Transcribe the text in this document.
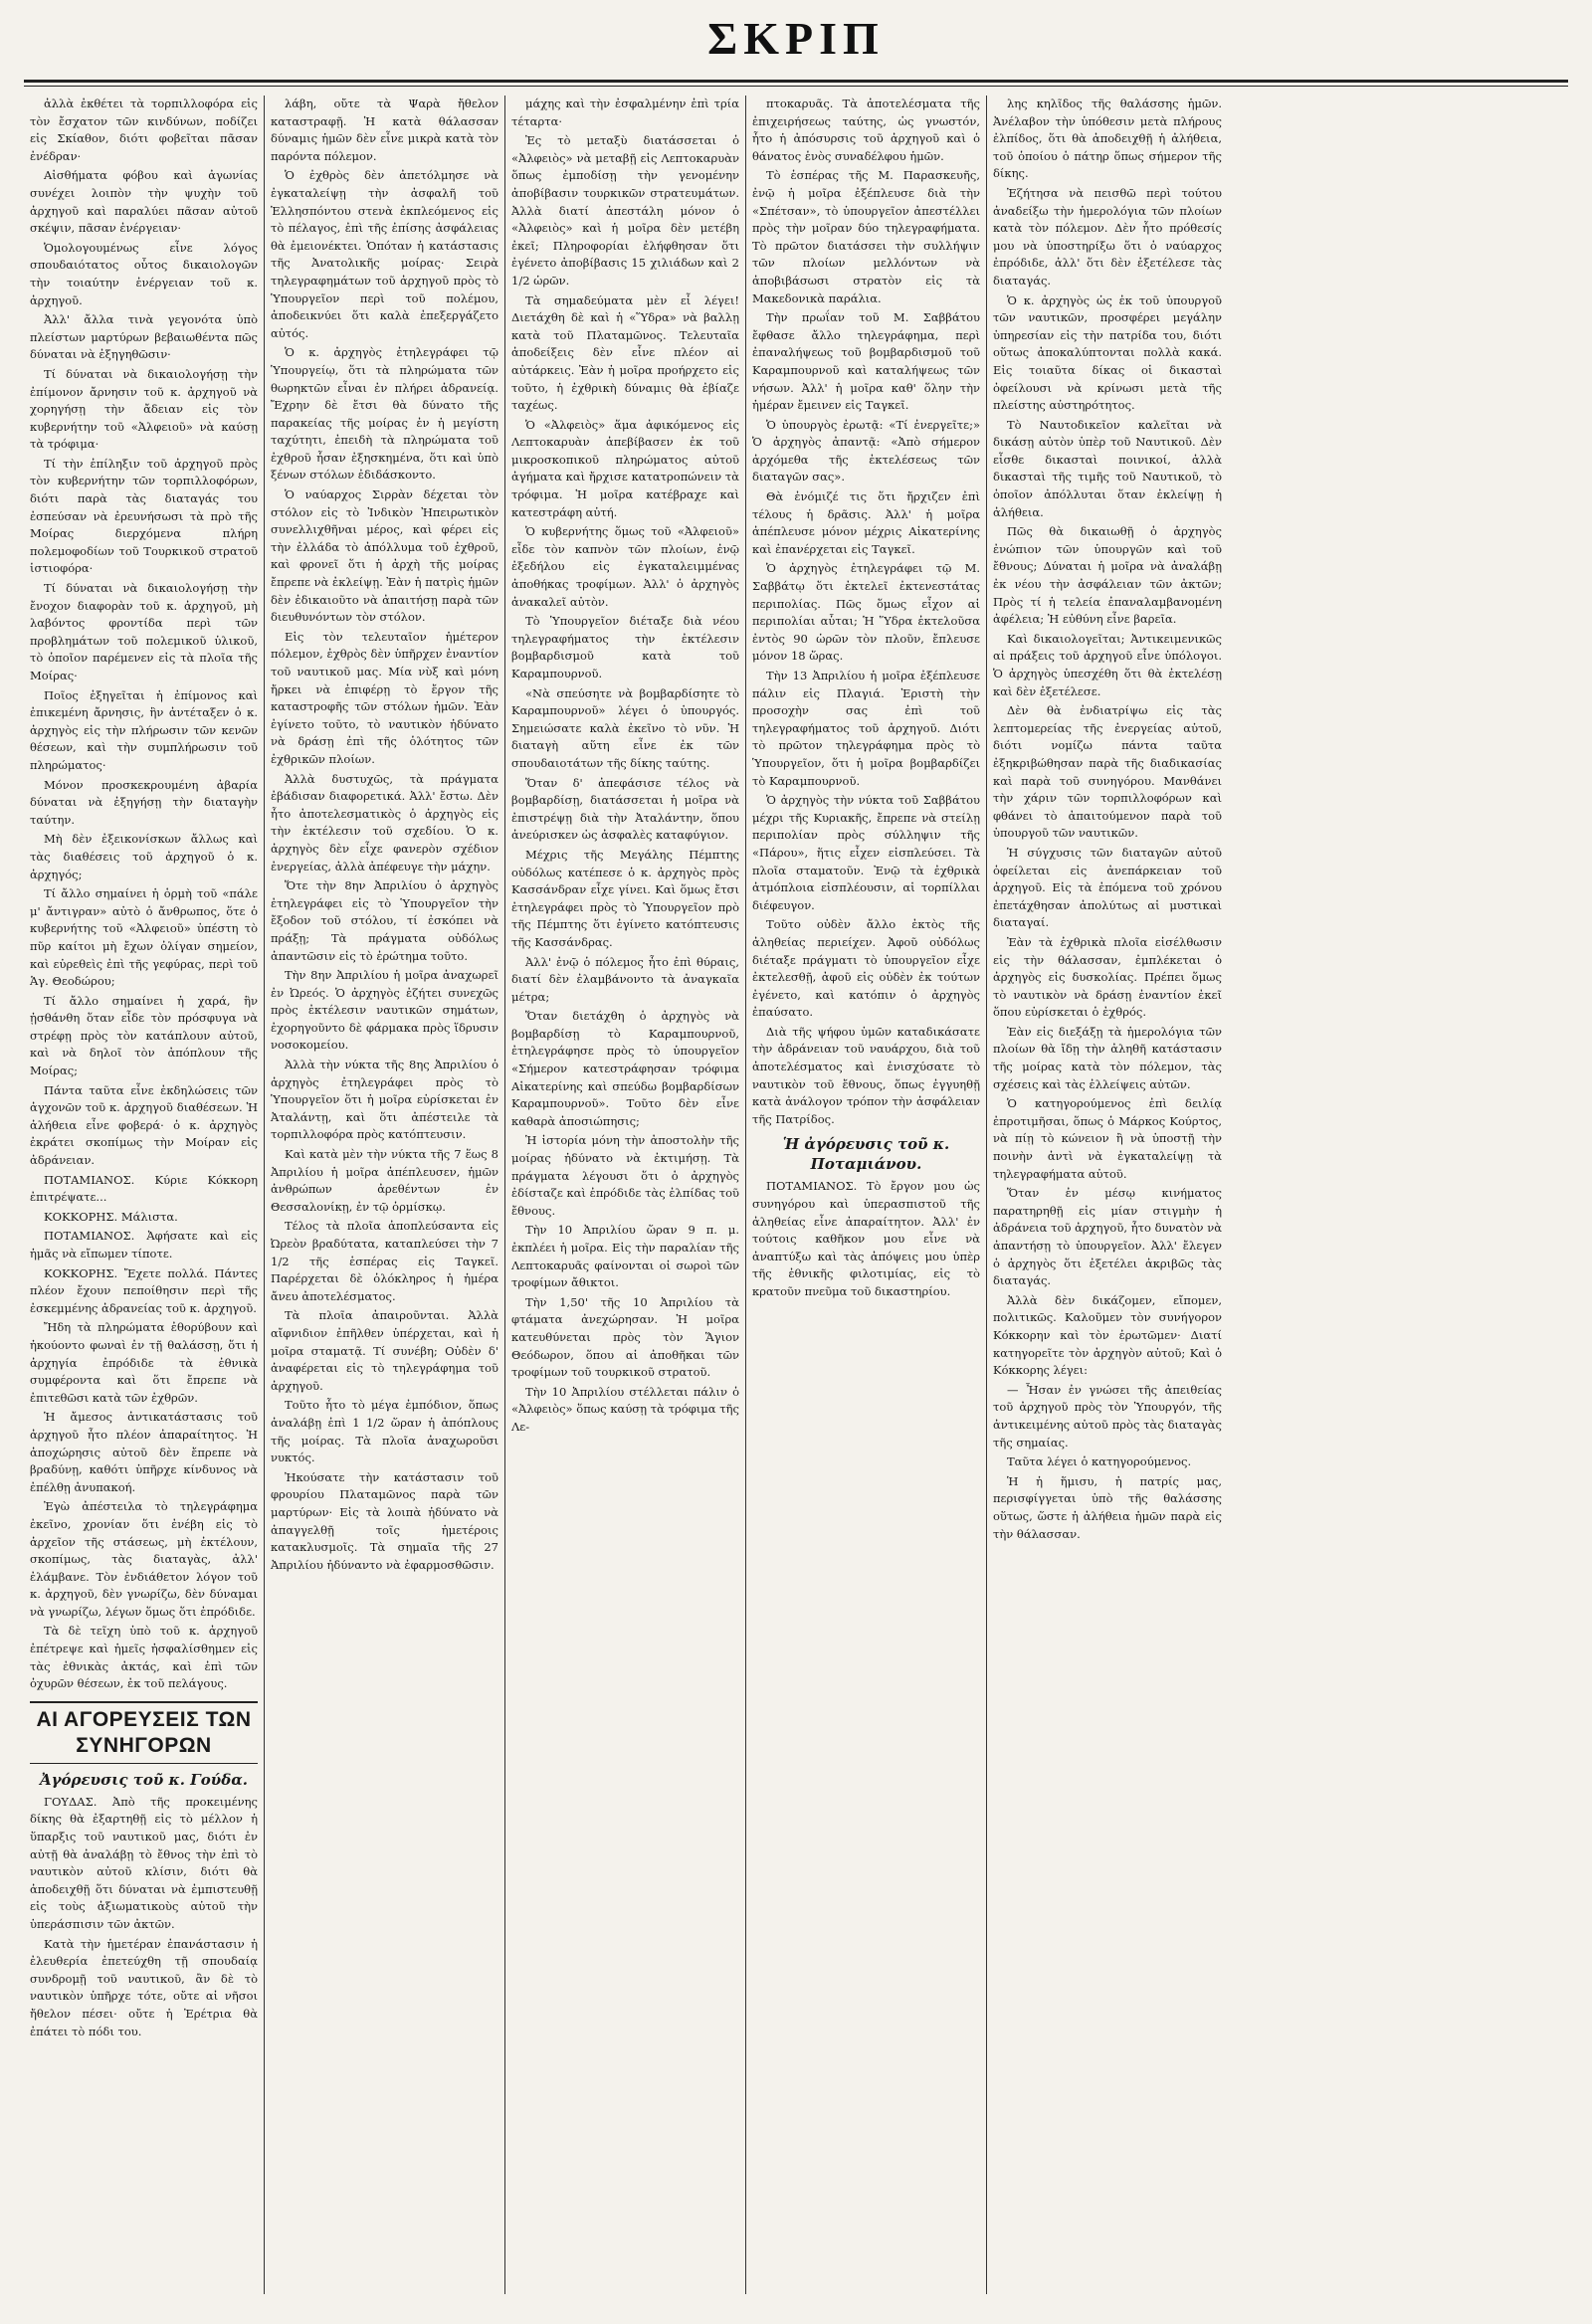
ΣΚΡΙΠ

ἀλλὰ ἐκθέτει τὰ τορπιλλοφόρα εἰς τὸν ἔσχατον τῶν κινδύνων, ποδίζει εἰς Σκίαθον, διότι φοβεῖται πᾶσαν ἐνέδραν·

Αἰσθήματα φόβου καὶ ἀγωνίας συνέχει λοιπὸν τὴν ψυχὴν τοῦ ἀρχηγοῦ καὶ παραλύει πᾶσαν αὐτοῦ σκέψιν, πᾶσαν ἐνέργειαν·

Ὁμολογουμένως εἶνε λόγος σπουδαιότατος οὗτος δικαιολογῶν τὴν τοιαύτην ἐνέργειαν τοῦ κ. ἀρχηγοῦ.

Ἀλλ' ἄλλα τινὰ γεγονότα ὑπὸ πλείστων μαρτύρων βεβαιωθέντα πῶς δύναται νὰ ἐξηγηθῶσιν·

Τί δύναται νὰ δικαιολογήσῃ τὴν ἐπίμονον ἄρνησιν τοῦ κ. ἀρχηγοῦ νὰ χορηγήσῃ τὴν ἄδειαν εἰς τὸν κυβερνήτην τοῦ «Ἀλφειοῦ» νὰ καύσῃ τὰ τρόφιμα·

Τί τὴν ἐπίληξιν τοῦ ἀρχηγοῦ πρὸς τὸν κυβερνήτην τῶν τορπιλλοφόρων, διότι παρὰ τὰς διαταγάς του ἐσπεύσαν νὰ ἐρευνήσωσι τὰ πρὸ τῆς Μοίρας διερχόμενα πλήρη πολεμοφοδίων τοῦ Τουρκικοῦ στρατοῦ ἱστιοφόρα·

Τί δύναται νὰ δικαιολογήσῃ τὴν ἔνοχον διαφορὰν τοῦ κ. ἀρχηγοῦ, μὴ λαβόντος φροντίδα περὶ τῶν προβλημάτων τοῦ πολεμικοῦ ὑλικοῦ, τὸ ὁποῖον παρέμενεν εἰς τὰ πλοῖα τῆς Μοίρας·

Ποῖος ἐξηγεῖται ἡ ἐπίμονος καὶ ἐπικεμένη ἄρνησις, ἣν ἀντέταξεν ὁ κ. ἀρχηγὸς εἰς τὴν πλήρωσιν τῶν κενῶν θέσεων, καὶ τὴν συμπλήρωσιν τοῦ πληρώματος·

Μόνον προσκεκρουμένη ἀβαρία δύναται νὰ ἐξηγήσῃ τὴν διαταγὴν ταύτην.

Μὴ δὲν ἐξεικονίσκων ἄλλως καὶ τὰς διαθέσεις τοῦ ἀρχηγοῦ ὁ κ. ἀρχηγός;

Τί ἄλλο σημαίνει ἡ ὁρμὴ τοῦ «πάλε μ' ἄντιγραν» αὐτὸ ὁ ἄνθρωπος, ὅτε ὁ κυβερνήτης τοῦ «Ἀλφειοῦ» ὑπέστη τὸ πῦρ καίτοι μὴ ἔχων ὀλίγαν σημείον, καὶ εὐρεθεὶς ἐπὶ τῆς γεφύρας, περὶ τοῦ Ἁγ. Θεοδώρου;

Τί ἄλλο σημαίνει ἡ χαρά, ἣν ᾐσθάνθη ὅταν εἶδε τὸν πρόσφυγα νὰ στρέφῃ πρὸς τὸν κατάπλουν αὐτοῦ, καὶ νὰ δηλοῖ τὸν ἀπόπλουν τῆς Μοίρας;

Πάντα ταῦτα εἶνε ἐκδηλώσεις τῶν ἀγχονῶν τοῦ κ. ἀρχηγοῦ διαθέσεων. Ἡ ἀλήθεια εἶνε φοβερά· ὁ κ. ἀρχηγὸς ἐκράτει σκοπίμως τὴν Μοίραν εἰς ἀδράνειαν.

ΠΟΤΑΜΙΑΝΟΣ. Κύριε Κόκκορη ἐπιτρέψατε...

ΚΟΚΚΟΡΗΣ. Μάλιστα.

ΠΟΤΑΜΙΑΝΟΣ. Ἀφήσατε καὶ εἰς ἡμᾶς νὰ εἴπωμεν τίποτε.

ΚΟΚΚΟΡΗΣ. Ἔχετε πολλά. Πάντες πλέον ἔχουν πεποίθησιν περὶ τῆς ἐσκεμμένης ἀδρανείας τοῦ κ. ἀρχηγοῦ.

Ἤδη τὰ πληρώματα ἐθορύβουν καὶ ἠκούοντο φωναὶ ἐν τῇ θαλάσσῃ, ὅτι ἡ ἀρχηγία ἐπρόδιδε τὰ ἐθνικὰ συμφέροντα καὶ ὅτι ἔπρεπε νὰ ἐπιτεθῶσι κατὰ τῶν ἐχθρῶν.

Ἡ ἄμεσος ἀντικατάστασις τοῦ ἀρχηγοῦ ἦτο πλέον ἀπαραίτητος. Ἡ ἀποχώρησις αὐτοῦ δὲν ἔπρεπε νὰ βραδύνῃ, καθότι ὑπῆρχε κίνδυνος νὰ ἐπέλθῃ ἀνυπακοή.

Ἐγὼ ἀπέστειλα τὸ τηλεγράφημα ἐκεῖνο, χρονίαν ὅτι ἐνέβη εἰς τὸ ἀρχεῖον τῆς στάσεως, μὴ ἐκτέλουν, σκοπίμως, τὰς διαταγὰς, ἀλλ' ἐλάμβανε. Τὸν ἐνδιάθετον λόγον τοῦ κ. ἀρχηγοῦ, δὲν γνωρίζω, δὲν δύναμαι νὰ γνωρίζω, λέγων ὅμως ὅτι ἐπρόδιδε.

Τὰ δὲ τεῖχη ὑπὸ τοῦ κ. ἀρχηγοῦ ἐπέτρεψε καὶ ἡμεῖς ἠσφαλίσθημεν εἰς τὰς ἐθνικὰς ἀκτάς, καὶ ἐπὶ τῶν ὀχυρῶν θέσεων, ἐκ τοῦ πελάγους.

ΑΙ ΑΓΟΡΕΥΣΕΙΣ ΤΩΝ ΣΥΝΗΓΟΡΩΝ
Ἀγόρευσις τοῦ κ. Γούδα.

ΓΟΥΔΑΣ. Ἀπὸ τῆς προκειμένης δίκης θὰ ἐξαρτηθῇ εἰς τὸ μέλλον ἡ ὕπαρξις τοῦ ναυτικοῦ μας, διότι ἐν αὐτῇ θὰ ἀναλάβῃ τὸ ἔθνος τὴν ἐπὶ τὸ ναυτικὸν αὐτοῦ κλίσιν, διότι θὰ ἀποδειχθῇ ὅτι δύναται νὰ ἐμπιστευθῇ εἰς τοὺς ἀξιωματικοὺς αὐτοῦ τὴν ὑπεράσπισιν τῶν ἀκτῶν.

Κατὰ τὴν ἡμετέραν ἐπανάστασιν ἡ ἐλευθερία ἐπετεύχθη τῇ σπουδαίᾳ συνδρομῇ τοῦ ναυτικοῦ, ἂν δὲ τὸ ναυτικὸν ὑπῆρχε τότε, οὔτε αἱ νῆσοι ἤθελον πέσει· οὔτε ἡ Ἐρέτρια θὰ ἐπάτει τὸ πόδι του.

λάβη, οὔτε τὰ Ψαρὰ ἤθελον καταστραφῇ. Ἡ κατὰ θάλασσαν δύναμις ἡμῶν δὲν εἶνε μικρὰ κατὰ τὸν παρόντα πόλεμον.

Ὁ ἐχθρὸς δὲν ἀπετόλμησε νὰ ἐγκαταλείψῃ τὴν ἀσφαλῆ τοῦ Ἑλλησπόντου στενὰ ἐκπλεόμενος εἰς τὸ πέλαγος, ἐπὶ τῆς ἐπίσης ἀσφάλειας θὰ ἐμειονέκτει. Ὁπόταν ἡ κατάστασις τῆς Ἀνατολικῆς μοίρας· Σειρὰ τηλεγραφημάτων τοῦ ἀρχηγοῦ πρὸς τὸ Ὑπουργεῖον περὶ τοῦ πολέμου, ἀποδεικνύει ὅτι καλὰ ἐπεξεργάζετο αὐτός.

Ὁ κ. ἀρχηγὸς ἐτηλεγράφει τῷ Ὑπουργείῳ, ὅτι τὰ πληρώματα τῶν θωρηκτῶν εἶναι ἐν πλήρει ἀδρανείᾳ. Ἔχρην δὲ ἔτσι θὰ δύνατο τῆς παρακείας τῆς μοίρας ἐν ἡ μεγίστη ταχύτητι, ἐπειδὴ τὰ πληρώματα τοῦ ἐχθροῦ ἦσαν ἐξησκημένα, ὅτι καὶ ὑπὸ ξένων στόλων ἐδιδάσκοντο.

Ὁ ναύαρχος Σιρρὰν δέχεται τὸν στόλον εἰς τὸ Ἰνδικὸν Ἠπειρωτικὸν συνελλιχθῆναι μέρος, καὶ φέρει εἰς τὴν ἐλλάδα τὸ ἀπόλλυμα τοῦ ἐχθροῦ, καὶ φρονεῖ ὅτι ἡ ἀρχὴ τῆς μοίρας ἔπρεπε νὰ ἐκλείψῃ. Ἐὰν ἡ πατρὶς ἡμῶν δὲν ἐδικαιοῦτο νὰ ἀπαιτήσῃ παρὰ τῶν διευθυνόντων τὸν στόλον.

Εἰς τὸν τελευταῖον ἡμέτερον πόλεμον, ἐχθρὸς δὲν ὑπῆρχεν ἐναντίον τοῦ ναυτικοῦ μας. Μία νὺξ καὶ μόνη ἤρκει νὰ ἐπιφέρῃ τὸ ἔργον τῆς καταστροφῆς τῶν στόλων ἡμῶν. Ἐὰν ἐγίνετο τοῦτο, τὸ ναυτικὸν ἠδύνατο νὰ δράσῃ ἐπὶ τῆς ὁλότητος τῶν ἐχθρικῶν πλοίων.

Ἀλλὰ δυστυχῶς, τὰ πράγματα ἐβάδισαν διαφορετικά. Ἀλλ' ἔστω. Δὲν ἦτο ἀποτελεσματικὸς ὁ ἀρχηγὸς εἰς τὴν ἐκτέλεσιν τοῦ σχεδίου. Ὁ κ. ἀρχηγὸς δὲν εἶχε φανερὸν σχέδιον ἐνεργείας, ἀλλὰ ἀπέφευγε τὴν μάχην.

Ὅτε τὴν 8ην Ἀπριλίου ὁ ἀρχηγὸς ἐτηλεγράφει εἰς τὸ Ὑπουργεῖον τὴν ἔξοδον τοῦ στόλου, τί ἐσκόπει νὰ πράξῃ; Τὰ πράγματα οὐδόλως ἀπαντῶσιν εἰς τὸ ἐρώτημα τοῦτο.

Τὴν 8ην Ἀπριλίου ἡ μοῖρα ἀναχωρεῖ ἐν Ὠρεός. Ὁ ἀρχηγὸς ἐζήτει συνεχῶς πρὸς ἐκτέλεσιν ναυτικῶν σημάτων, ἐχορηγοῦντο δὲ φάρμακα πρὸς ἵδρυσιν νοσοκομείου.

Ἀλλὰ τὴν νύκτα τῆς 8ης Ἀπριλίου ὁ ἀρχηγὸς ἐτηλεγράφει πρὸς τὸ Ὑπουργεῖον ὅτι ἡ μοῖρα εὑρίσκεται ἐν Ἀταλάντῃ, καὶ ὅτι ἀπέστειλε τὰ τορπιλλοφόρα πρὸς κατόπτευσιν.

Καὶ κατὰ μὲν τὴν νύκτα τῆς 7 ἕως 8 Ἀπριλίου ἡ μοῖρα ἀπέπλευσεν, ἡμῶν ἀνθρώπων ἀρεθέντων ἐν Θεσσαλονίκῃ, ἐν τῷ ὁρμίσκῳ.

Τέλος τὰ πλοῖα ἀποπλεύσαντα εἰς Ὠρεὸν βραδύτατα, καταπλεύσει τὴν 7 1/2 τῆς ἑσπέρας εἰς Ταγκεῖ. Παρέρχεται δὲ ὁλόκληρος ἡ ἡμέρα ἄνευ ἀποτελέσματος.

Τὰ πλοῖα ἀπαιροῦνται. Ἀλλὰ αἴφνιδιον ἐπῆλθεν ὑπέρχεται, καὶ ἡ μοῖρα σταματᾷ. Τί συνέβη; Οὐδὲν δ' ἀναφέρεται εἰς τὸ τηλεγράφημα τοῦ ἀρχηγοῦ.

Τοῦτο ἦτο τὸ μέγα ἐμπόδιον, ὅπως ἀναλάβῃ ἐπὶ 1 1/2 ὥραν ἡ ἀπόπλους τῆς μοίρας. Τὰ πλοῖα ἀναχωροῦσι νυκτός.

Ἠκούσατε τὴν κατάστασιν τοῦ φρουρίου Πλαταμῶνος παρὰ τῶν μαρτύρων· Εἰς τὰ λοιπὰ ἠδύνατο νὰ ἀπαγγελθῇ τοῖς ἡμετέροις κατακλυσμοῖς. Τὰ σημαῖα τῆς 27 Ἀπριλίου ἠδύναντο νὰ ἐφαρμοσθῶσιν.

μάχης καὶ τὴν ἐσφαλμένην ἐπὶ τρία τέταρτα·

Ἐς τὸ μεταξὺ διατάσσεται ὁ «Ἀλφειὸς» νὰ μεταβῇ εἰς Λεπτοκαρυὰν ὅπως ἐμποδίσῃ τὴν γενομένην ἀποβίβασιν τουρκικῶν στρατευμάτων. Ἀλλὰ διατί ἀπεστάλη μόνον ὁ «Ἀλφειὸς» καὶ ἡ μοῖρα δὲν μετέβη ἐκεῖ; Πληροφορίαι ἐλήφθησαν ὅτι ἐγένετο ἀποβίβασις 15 χιλιάδων καὶ 2 1/2 ὡρῶν.

Τὰ σημαδεύματα μὲν εἶ λέγει! Διετάχθη δὲ καὶ ἡ «Ὕδρα» νὰ βαλλῃ κατὰ τοῦ Πλαταμῶνος. Τελευταῖα ἀποδείξεις δὲν εἶνε πλέον αἱ αὐτάρκεις. Ἐὰν ἡ μοῖρα προήρχετο εἰς τοῦτο, ἡ ἐχθρικὴ δύναμις θὰ ἐβίαζε ταχέως.

Ὁ «Ἀλφειὸς» ἅμα ἀφικόμενος εἰς Λεπτοκαρυὰν ἀπεβίβασεν ἐκ τοῦ μικροσκοπικοῦ πληρώματος αὐτοῦ ἀγήματα καὶ ἤρχισε κατατροπώνειν τὰ τρόφιμα. Ἡ μοῖρα κατέβραχε καὶ κατεστράφη αὐτή.

Ὁ κυβερνήτης ὅμως τοῦ «Ἀλφειοῦ» εἶδε τὸν καπνὸν τῶν πλοίων, ἐνῷ ἐξεδήλου εἰς ἐγκαταλειμμένας ἀποθήκας τροφίμων. Ἀλλ' ὁ ἀρχηγὸς ἀνακαλεῖ αὐτὸν.

Τὸ Ὑπουργεῖον διέταξε διὰ νέου τηλεγραφήματος τὴν ἐκτέλεσιν βομβαρδισμοῦ κατὰ τοῦ Καραμπουρνοῦ.

«Νὰ σπεύσητε νὰ βομβαρδίσητε τὸ Καραμπουρνοῦ» λέγει ὁ ὑπουργός. Σημειώσατε καλὰ ἐκεῖνο τὸ νῦν. Ἡ διαταγὴ αὕτη εἶνε ἐκ τῶν σπουδαιοτάτων τῆς δίκης ταύτης.

Ὅταν δ' ἀπεφάσισε τέλος νὰ βομβαρδίσῃ, διατάσσεται ἡ μοῖρα νὰ ἐπιστρέψῃ διὰ τὴν Ἀταλάντην, ὅπου ἀνεύρισκεν ὡς ἀσφαλὲς καταφύγιον.

Μέχρις τῆς Μεγάλης Πέμπτης οὐδόλως κατέπεσε ὁ κ. ἀρχηγὸς πρὸς Κασσάνδραν εἶχε γίνει. Καὶ ὅμως ἔτσι ἐτηλεγράφει πρὸς τὸ Ὑπουργεῖον πρὸ τῆς Πέμπτης ὅτι ἐγίνετο κατόπτευσις τῆς Κασσάνδρας.

Ἀλλ' ἐνῷ ὁ πόλεμος ἦτο ἐπὶ θύραις, διατί δὲν ἐλαμβάνοντο τὰ ἀναγκαῖα μέτρα;

Ὅταν διετάχθη ὁ ἀρχηγὸς νὰ βομβαρδίσῃ τὸ Καραμπουρνοῦ, ἐτηλεγράφησε πρὸς τὸ ὑπουργεῖον «Σήμερον κατεστράφησαν τρόφιμα Αἰκατερίνης καὶ σπεύδω βομβαρδίσων Καραμπουρνοῦ». Τοῦτο δὲν εἶνε καθαρὰ ἀποσιώπησις;

Ἡ ἱστορία μόνη τὴν ἀποστολὴν τῆς μοίρας ἠδύνατο νὰ ἐκτιμήσῃ. Τὰ πράγματα λέγουσι ὅτι ὁ ἀρχηγὸς ἐδίσταζε καὶ ἐπρόδιδε τὰς ἐλπίδας τοῦ ἔθνους.

Τὴν 10 Ἀπριλίου ὥραν 9 π. μ. ἐκπλέει ἡ μοῖρα. Εἰς τὴν παραλίαν τῆς Λεπτοκαρυᾶς φαίνονται οἱ σωροὶ τῶν τροφίμων ἄθικτοι.

Τὴν 1,50' τῆς 10 Ἀπριλίου τὰ φτάματα ἀνεχώρησαν. Ἡ μοῖρα κατευθύνεται πρὸς τὸν Ἅγιον Θεόδωρον, ὅπου αἱ ἀποθῆκαι τῶν τροφίμων τοῦ τουρκικοῦ στρατοῦ.

Τὴν 10 Ἀπριλίου στέλλεται πάλιν ὁ «Ἀλφειὸς» ὅπως καύσῃ τὰ τρόφιμα τῆς Λε-

πτοκαρυᾶς. Τὰ ἀποτελέσματα τῆς ἐπιχειρήσεως ταύτης, ὡς γνωστόν, ἦτο ἡ ἀπόσυρσις τοῦ ἀρχηγοῦ καὶ ὁ θάνατος ἑνὸς συναδέλφου ἡμῶν.

Τὸ ἑσπέρας τῆς Μ. Παρασκευῆς, ἐνῷ ἡ μοῖρα ἐξέπλευσε διὰ τὴν «Σπέτσαν», τὸ ὑπουργεῖον ἀπεστέλλει πρὸς τὴν μοῖραν δύο τηλεγραφήματα. Τὸ πρῶτον διατάσσει τὴν συλλήψιν τῶν πλοίων μελλόντων νὰ ἀποβιβάσωσι στρατὸν εἰς τὰ Μακεδονικὰ παράλια.

Τὴν πρωΐαν τοῦ Μ. Σαββάτου ἔφθασε ἄλλο τηλεγράφημα, περὶ ἐπαναλήψεως τοῦ βομβαρδισμοῦ τοῦ Καραμπουρνοῦ καὶ καταλήψεως τῶν νήσων. Ἀλλ' ἡ μοῖρα καθ' ὅλην τὴν ἡμέραν ἔμεινεν εἰς Ταγκεῖ.

Ὁ ὑπουργὸς ἐρωτᾷ: «Τί ἐνεργεῖτε;» Ὁ ἀρχηγὸς ἀπαντᾷ: «Ἀπὸ σήμερον ἀρχόμεθα τῆς ἐκτελέσεως τῶν διαταγῶν σας».

Θὰ ἐνόμιζέ τις ὅτι ἤρχιζεν ἐπὶ τέλους ἡ δρᾶσις. Ἀλλ' ἡ μοῖρα ἀπέπλευσε μόνον μέχρις Αἰκατερίνης καὶ ἐπανέρχεται εἰς Ταγκεῖ.

Ὁ ἀρχηγὸς ἐτηλεγράφει τῷ Μ. Σαββάτῳ ὅτι ἐκτελεῖ ἐκτενεστάτας περιπολίας. Πῶς ὅμως εἶχον αἱ περιπολίαι αὗται; Ἡ Ὕδρα ἐκτελοῦσα ἐντὸς 90 ὡρῶν τὸν πλοῦν, ἔπλευσε μόνον 18 ὥρας.

Τὴν 13 Ἀπριλίου ἡ μοῖρα ἐξέπλευσε πάλιν εἰς Πλαγιά. Ἐριστὴ τὴν προσοχὴν σας ἐπὶ τοῦ τηλεγραφήματος τοῦ ἀρχηγοῦ. Διότι τὸ πρῶτον τηλεγράφημα πρὸς τὸ Ὑπουργεῖον, ὅτι ἡ μοῖρα βομβαρδίζει τὸ Καραμπουρνοῦ.

Ὁ ἀρχηγὸς τὴν νύκτα τοῦ Σαββάτου μέχρι τῆς Κυριακῆς, ἔπρεπε νὰ στείλῃ περιπολίαν πρὸς σύλληψιν τῆς «Πάρου», ἥτις εἶχεν εἰσπλεύσει. Τὰ πλοῖα σταματοῦν. Ἐνῷ τὰ ἐχθρικὰ ἀτμόπλοια εἰσπλέουσιν, αἱ τορπίλλαι διέφευγον.

Τοῦτο οὐδὲν ἄλλο ἐκτὸς τῆς ἀληθείας περιείχεν. Ἀφοῦ οὐδόλως διέταξε πράγματι τὸ ὑπουργεῖον εἶχε ἐκτελεσθῇ, ἀφοῦ εἰς οὐδὲν ἐκ τούτων ἐγένετο, καὶ κατόπιν ὁ ἀρχηγὸς ἐπαύσατο.

Διὰ τῆς ψήφου ὑμῶν καταδικάσατε τὴν ἀδράνειαν τοῦ ναυάρχου, διὰ τοῦ ἀποτελέσματος καὶ ἐνισχύσατε τὸ ναυτικὸν τοῦ ἔθνους, ὅπως ἐγγυηθῇ κατὰ ἀνάλογον τρόπον τὴν ἀσφάλειαν τῆς Πατρίδος.

Ἡ ἀγόρευσις τοῦ κ. Ποταμιάνου.

ΠΟΤΑΜΙΑΝΟΣ. Τὸ ἔργον μου ὡς συνηγόρου καὶ ὑπερασπιστοῦ τῆς ἀληθείας εἶνε ἀπαραίτητον. Ἀλλ' ἐν τούτοις καθῆκον μου εἶνε νὰ ἀναπτύξω καὶ τὰς ἀπόψεις μου ὑπὲρ τῆς ἐθνικῆς φιλοτιμίας, εἰς τὸ κρατοῦν πνεῦμα τοῦ δικαστηρίου.

λης κηλῖδος τῆς θαλάσσης ἡμῶν. Ἀνέλαβον τὴν ὑπόθεσιν μετὰ πλήρους ἐλπίδος, ὅτι θὰ ἀποδειχθῇ ἡ ἀλήθεια, τοῦ ὁποίου ὁ πάτηρ ὅπως σήμερον τῆς δίκης.

Ἐζήτησα νὰ πεισθῶ περὶ τούτου ἀναδείξω τὴν ἡμερολόγια τῶν πλοίων κατὰ τὸν πόλεμον. Δὲν ἦτο πρόθεσίς μου νὰ ὑποστηρίξω ὅτι ὁ ναύαρχος ἐπρόδιδε, ἀλλ' ὅτι δὲν ἐξετέλεσε τὰς διαταγάς.

Ὁ κ. ἀρχηγὸς ὡς ἐκ τοῦ ὑπουργοῦ τῶν ναυτικῶν, προσφέρει μεγάλην ὑπηρεσίαν εἰς τὴν πατρίδα του, διότι οὕτως ἀποκαλύπτονται πολλὰ κακά. Εἰς τοιαῦτα δίκας οἱ δικασταὶ ὀφείλουσι νὰ κρίνωσι μετὰ τῆς πλείστης αὐστηρότητος.

Τὸ Ναυτοδικεῖον καλεῖται νὰ δικάσῃ αὐτὸν ὑπὲρ τοῦ Ναυτικοῦ. Δὲν εἶσθε δικασταὶ ποινικοί, ἀλλὰ δικασταὶ τῆς τιμῆς τοῦ Ναυτικοῦ, τὸ ὁποῖον ἀπόλλυται ὅταν ἐκλείψῃ ἡ ἀλήθεια.

Πῶς θὰ δικαιωθῇ ὁ ἀρχηγὸς ἐνώπιον τῶν ὑπουργῶν καὶ τοῦ ἔθνους; Δύναται ἡ μοῖρα νὰ ἀναλάβῃ ἐκ νέου τὴν ἀσφάλειαν τῶν ἀκτῶν; Πρὸς τί ἡ τελεία ἐπαναλαμβανομένη ἀφέλεια; Ἡ εὐθύνη εἶνε βαρεῖα.

Καὶ δικαιολογεῖται; Ἀντικειμενικῶς αἱ πράξεις τοῦ ἀρχηγοῦ εἶνε ὑπόλογοι. Ὁ ἀρχηγὸς ὑπεσχέθη ὅτι θὰ ἐκτελέσῃ καὶ δὲν ἐξετέλεσε.

Δὲν θὰ ἐνδιατρίψω εἰς τὰς λεπτομερείας τῆς ἐνεργείας αὐτοῦ, διότι νομίζω πάντα ταῦτα ἐξηκριβώθησαν παρὰ τῆς διαδικασίας καὶ παρὰ τοῦ συνηγόρου. Μανθάνει τὴν χάριν τῶν τορπιλλοφόρων καὶ φθάνει τὸ ἀπαιτούμενον παρὰ τοῦ ὑπουργοῦ τῶν ναυτικῶν.

Ἡ σύγχυσις τῶν διαταγῶν αὐτοῦ ὁφείλεται εἰς ἀνεπάρκειαν τοῦ ἀρχηγοῦ. Εἰς τὰ ἐπόμενα τοῦ χρόνου ἐπετάχθησαν ἀπολύτως αἱ μυστικαὶ διαταγαί.

Ἐὰν τὰ ἐχθρικὰ πλοῖα εἰσέλθωσιν εἰς τὴν θάλασσαν, ἐμπλέκεται ὁ ἀρχηγὸς εἰς δυσκολίας. Πρέπει ὅμως τὸ ναυτικὸν νὰ δράσῃ ἐναντίον ἐκεῖ ὅπου εὑρίσκεται ὁ ἐχθρός.

Ἐὰν εἰς διεξάξῃ τὰ ἡμερολόγια τῶν πλοίων θὰ ἴδῃ τὴν ἀληθῆ κατάστασιν τῆς μοίρας κατὰ τὸν πόλεμον, τὰς σχέσεις καὶ τὰς ἐλλείψεις αὐτῶν.

Ὁ κατηγορούμενος ἐπὶ δειλίᾳ ἐπροτιμῆσαι, ὅπως ὁ Μάρκος Κούρτος, νὰ πίῃ τὸ κώνειον ἢ νὰ ὑποστῇ τὴν ποινὴν ἀντὶ νὰ ἐγκαταλείψῃ τὰ τηλεγραφήματα αὐτοῦ.

Ὅταν ἐν μέσῳ κινήματος παρατηρηθῇ εἰς μίαν στιγμὴν ἡ ἀδράνεια τοῦ ἀρχηγοῦ, ἦτο δυνατὸν νὰ ἀπαντήσῃ τὸ ὑπουργεῖον. Ἀλλ' ἔλεγεν ὁ ἀρχηγὸς ὅτι ἐξετέλει ἀκριβῶς τὰς διαταγάς.

Ἀλλὰ δὲν δικάζομεν, εἴπομεν, πολιτικῶς. Καλοῦμεν τὸν συνήγορον Κόκκορην καὶ τὸν ἐρωτῶμεν· Διατί κατηγορεῖτε τὸν ἀρχηγὸν αὐτοῦ; Καὶ ὁ Κόκκορης λέγει:

— Ἦσαν ἐν γνώσει τῆς ἀπειθείας τοῦ ἀρχηγοῦ πρὸς τὸν Ὑπουργόν, τῆς ἀντικειμένης αὐτοῦ πρὸς τὰς διαταγὰς τῆς σημαίας.

Ταῦτα λέγει ὁ κατηγορούμενος.

Ἡ ἡ ἥμισυ, ἡ πατρίς μας, περισφίγγεται ὑπὸ τῆς θαλάσσης οὕτως, ὥστε ἡ ἀλήθεια ἡμῶν παρὰ εἰς τὴν θάλασσαν.
